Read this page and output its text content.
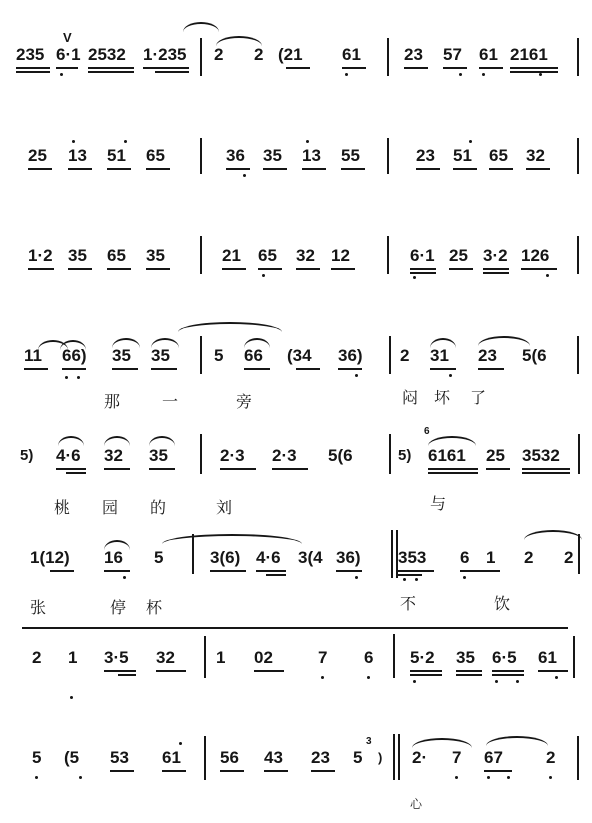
235 6·1 2532 1·235
V
2 2 (21 61	23 57 61 2161
25 13 51 65	36 35 13 55	23 51 65 32
1·2 35 65 35	21 65 32 12	6·1 25 3·2 126
11 66) 35 35	5 66 (34 36) 2 31 23 5(6
那	一	旁	闷 坏 了
5) 4·6 32 35	2·3 2·3 5(6	5)
6
6161 25 3532
桃 园 的	刘	与
1(12) 16 5	3(6) 4·6 3(4 36) 353 6 1 2 2
张	停 杯	不	饮
2 1 3·5 32 1 02	7 6 5·2 35 6·5 61
5 (5 53 61 56 43 23 5
3
) 2· 7 67	2
心
